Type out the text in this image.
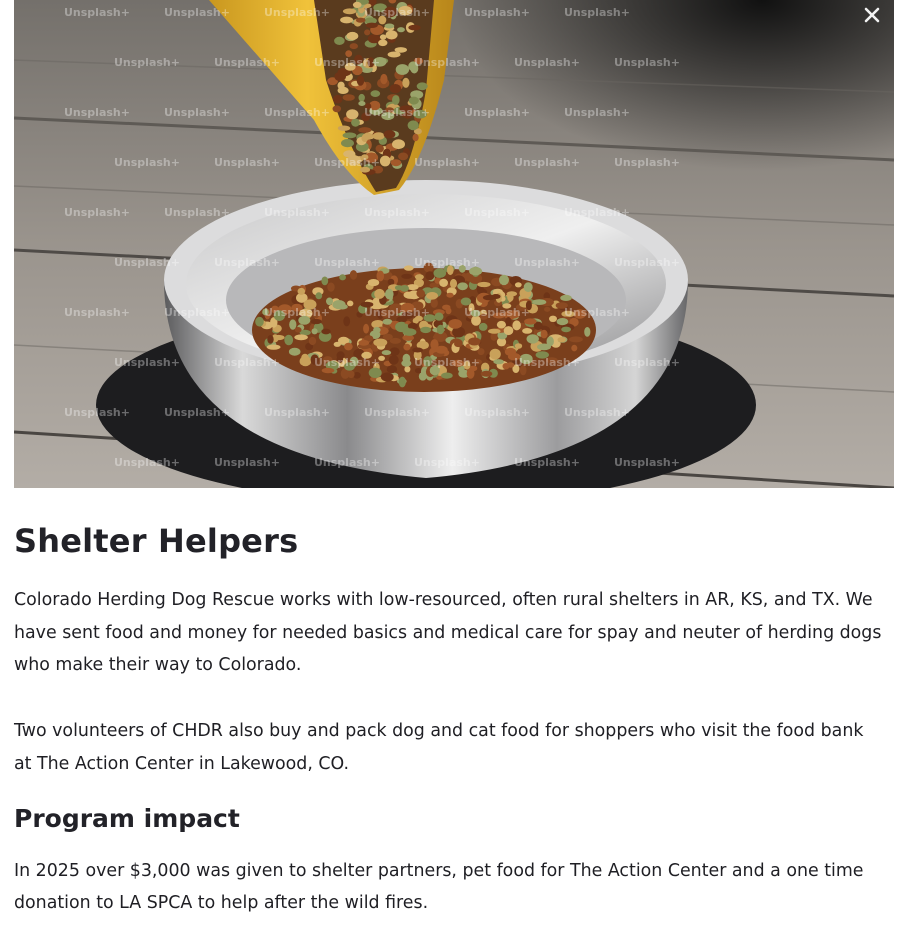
Unsplash+	Unsplash+	Unsplash+	Unsplash+	Unsplash+	Unsplash+
Unsplash+	Unsplash+	Unsplash+	Unsplash+	Unsplash+	Unsplash+
Unsplash+	Unsplash+	Unsplash+	Unsplash+	Unsplash+	Unsplash+
Unsplash+	Unsplash+	Unsplash+	Unsplash+	Unsplash+	Unsplash+
Unsplash+	Unsplash+	Unsplash+	Unsplash+	Unsplash+	Unsplash+
Unsplash+	Unsplash+	Unsplash+	Unsplash+	Unsplash+	Unsplash+
Unsplash+	Unsplash+	Unsplash+	Unsplash+	Unsplash+	Unsplash+
Unsplash+	Unsplash+	Unsplash+	Unsplash+	Unsplash+	Unsplash+
Unsplash+	Unsplash+	Unsplash+	Unsplash+	Unsplash+	Unsplash+
Unsplash+	Unsplash+	Unsplash+	Unsplash+	Unsplash+	Unsplash+
Shelter Helpers

Colorado Herding Dog Rescue works with low-resourced, often rural shelters in AR, KS, and TX. We have sent food and money for needed basics and medical care for spay and neuter of herding dogs who make their way to Colorado.

Two volunteers of CHDR also buy and pack dog and cat food for shoppers who visit the food bank at The Action Center in Lakewood, CO.

Program impact

In 2025 over $3,000 was given to shelter partners, pet food for The Action Center and a one time donation to LA SPCA to help after the wild fires.
